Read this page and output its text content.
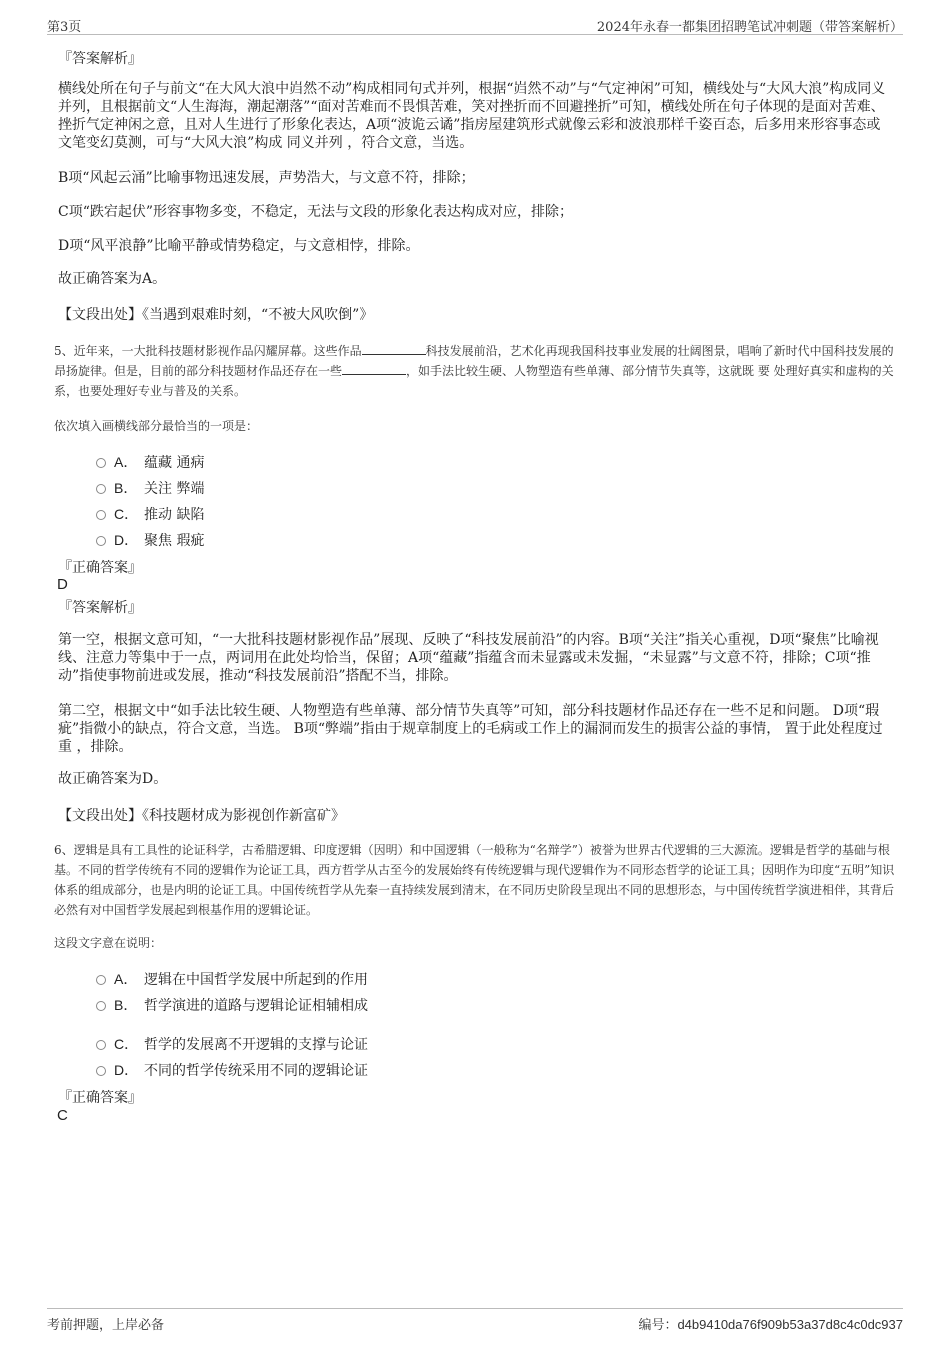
第3页	2024年永春一都集团招聘笔试冲刺题（带答案解析）
『答案解析』
横线处所在句子与前文“在大风大浪中岿然不动”构成相同句式并列，根据“岿然不动”与“气定神闲”可知，横线处与“大风大浪”构成同义并列，且根据前文“人生海海，潮起潮落”“面对苦难而不畏惧苦难，笑对挫折而不回避挫折”可知，横线处所在句子体现的是面对苦难、挫折气定神闲之意，且对人生进行了形象化表达，A项“波诡云谲”指房屋建筑形式就像云彩和波浪那样千姿百态，后多用来形容事态或文笔变幻莫测，可与“大风大浪”构成 同义并列 ，符合文意，当选。
B项“风起云涌”比喻事物迅速发展，声势浩大，与文意不符，排除；
C项“跌宕起伏”形容事物多变，不稳定，无法与文段的形象化表达构成对应，排除；
D项“风平浪静”比喻平静或情势稳定，与文意相悖，排除。
故正确答案为A。
【文段出处】《当遇到艰难时刻，“不被大风吹倒”》
5、近年来，一大批科技题材影视作品闪耀屏幕。这些作品	科技发展前沿，艺术化再现我国科技事业发展的壮阔图景，唱响了新时代中国科技发展的昂扬旋律。但是，目前的部分科技题材作品还存在一些	，如手法比较生硬、人物塑造有些单薄、部分情节失真等，这就既 要 处理好真实和虚构的关系，也要处理好专业与普及的关系。
依次填入画横线部分最恰当的一项是：
A． 蕴藏 通病
B． 关注 弊端
C． 推动 缺陷
D． 聚焦 瑕疵
『正确答案』
D
『答案解析』
第一空，根据文意可知，“一大批科技题材影视作品”展现、反映了“科技发展前沿”的内容。B项“关注”指关心重视，D项“聚焦”比喻视线、注意力等集中于一点，两词用在此处均恰当，保留；A项“蕴藏”指蕴含而未显露或未发掘，“未显露”与文意不符，排除；C项“推动”指使事物前进或发展，推动“科技发展前沿”搭配不当，排除。
第二空，根据文中“如手法比较生硬、人物塑造有些单薄、部分情节失真等”可知，部分科技题材作品还存在一些不足和问题。 D项“瑕疵”指微小的缺点，符合文意，当选。 B项“弊端”指由于规章制度上的毛病或工作上的漏洞而发生的损害公益的事情， 置于此处程度过重 ，排除。
故正确答案为D。
【文段出处】《科技题材成为影视创作新富矿》
6、逻辑是具有工具性的论证科学，古希腊逻辑、印度逻辑（因明）和中国逻辑（一般称为“名辩学”）被誉为世界古代逻辑的三大源流。逻辑是哲学的基础与根基。不同的哲学传统有不同的逻辑作为论证工具，西方哲学从古至今的发展始终有传统逻辑与现代逻辑作为不同形态哲学的论证工具；因明作为印度“五明”知识体系的组成部分，也是内明的论证工具。中国传统哲学从先秦一直持续发展到清末，在不同历史阶段呈现出不同的思想形态，与中国传统哲学演进相伴，其背后必然有对中国哲学发展起到根基作用的逻辑论证。
这段文字意在说明：
A． 逻辑在中国哲学发展中所起到的作用
B． 哲学演进的道路与逻辑论证相辅相成
C． 哲学的发展离不开逻辑的支撑与论证
D． 不同的哲学传统采用不同的逻辑论证
『正确答案』
C
考前押题，上岸必备	编号：d4b9410da76f909b53a37d8c4c0dc937
